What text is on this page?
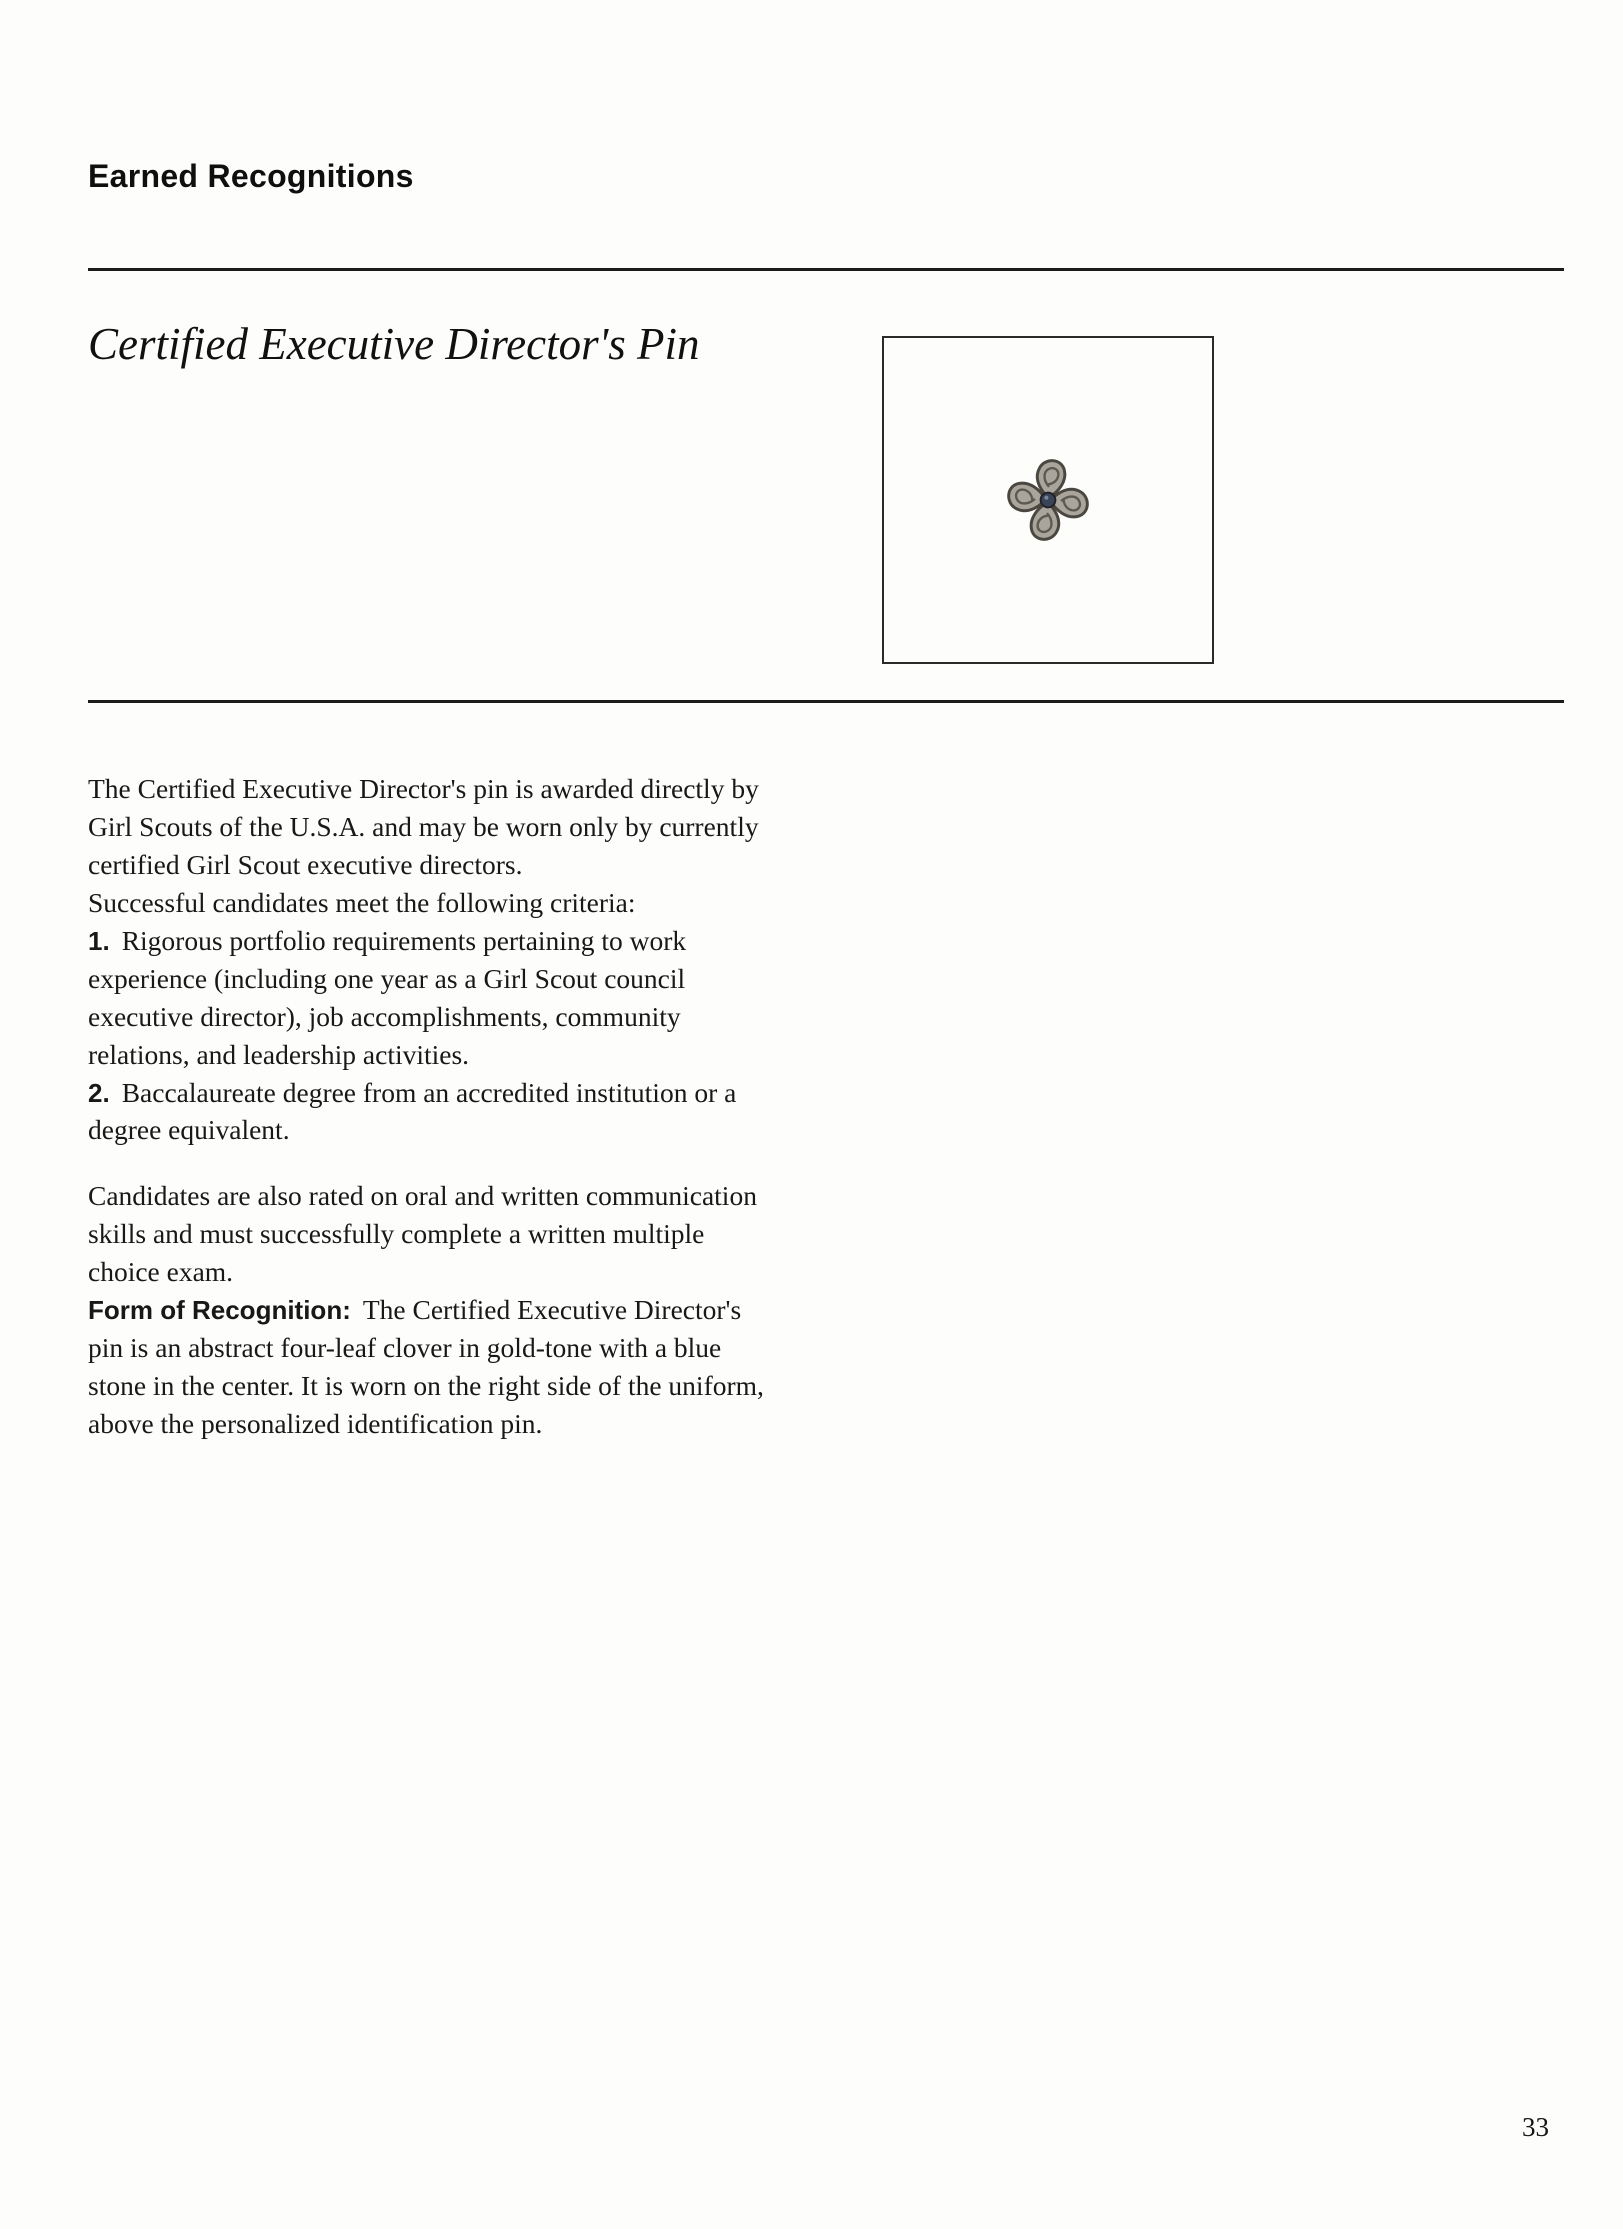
Earned Recognitions
Certified Executive Director's Pin

The Certified Executive Director's pin is awarded directly by Girl Scouts of the U.S.A. and may be worn only by currently certified Girl Scout executive directors.

Successful candidates meet the following criteria:

1. Rigorous portfolio requirements pertaining to work experience (including one year as a Girl Scout council executive director), job accomplishments, community relations, and leadership activities.

2. Baccalaureate degree from an accredited institution or a degree equivalent.

Candidates are also rated on oral and written communication skills and must successfully complete a written multiple choice exam.

Form of Recognition: The Certified Executive Director's pin is an abstract four-leaf clover in gold-tone with a blue stone in the center. It is worn on the right side of the uniform, above the personalized identification pin.

33
